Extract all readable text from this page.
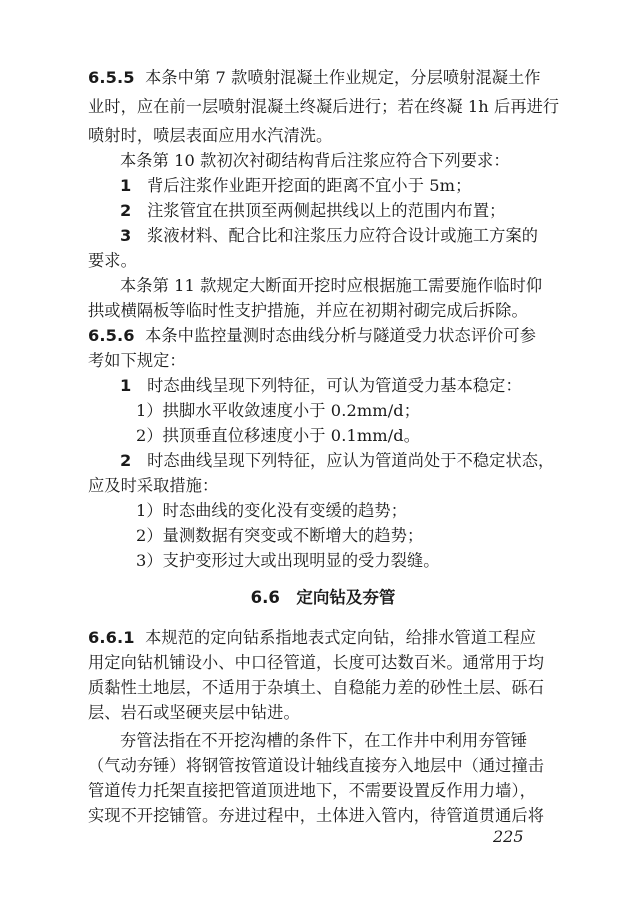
6.5.5 本条中第 7 款喷射混凝土作业规定，分层喷射混凝土作
业时，应在前一层喷射混凝土终凝后进行；若在终凝 1h 后再进行
喷射时，喷层表面应用水汽清洗。
本条第 10 款初次衬砌结构背后注浆应符合下列要求：
1 背后注浆作业距开挖面的距离不宜小于 5m；
2 注浆管宜在拱顶至两侧起拱线以上的范围内布置；
3 浆液材料、配合比和注浆压力应符合设计或施工方案的
要求。
本条第 11 款规定大断面开挖时应根据施工需要施作临时仰
拱或横隔板等临时性支护措施，并应在初期衬砌完成后拆除。
6.5.6 本条中监控量测时态曲线分析与隧道受力状态评价可参
考如下规定：
1 时态曲线呈现下列特征，可认为管道受力基本稳定：
1）拱脚水平收敛速度小于 0.2mm/d；
2）拱顶垂直位移速度小于 0.1mm/d。
2 时态曲线呈现下列特征，应认为管道尚处于不稳定状态，
应及时采取措施：
1）时态曲线的变化没有变缓的趋势；
2）量测数据有突变或不断增大的趋势；
3）支护变形过大或出现明显的受力裂缝。
6.6　定向钻及夯管
6.6.1 本规范的定向钻系指地表式定向钻，给排水管道工程应
用定向钻机铺设小、中口径管道，长度可达数百米。通常用于均
质黏性土地层，不适用于杂填土、自稳能力差的砂性土层、砾石
层、岩石或坚硬夹层中钻进。
夯管法指在不开挖沟槽的条件下，在工作井中利用夯管锤
（气动夯锤）将钢管按管道设计轴线直接夯入地层中（通过撞击
管道传力托架直接把管道顶进地下，不需要设置反作用力墙），
实现不开挖铺管。夯进过程中，土体进入管内，待管道贯通后将
225
